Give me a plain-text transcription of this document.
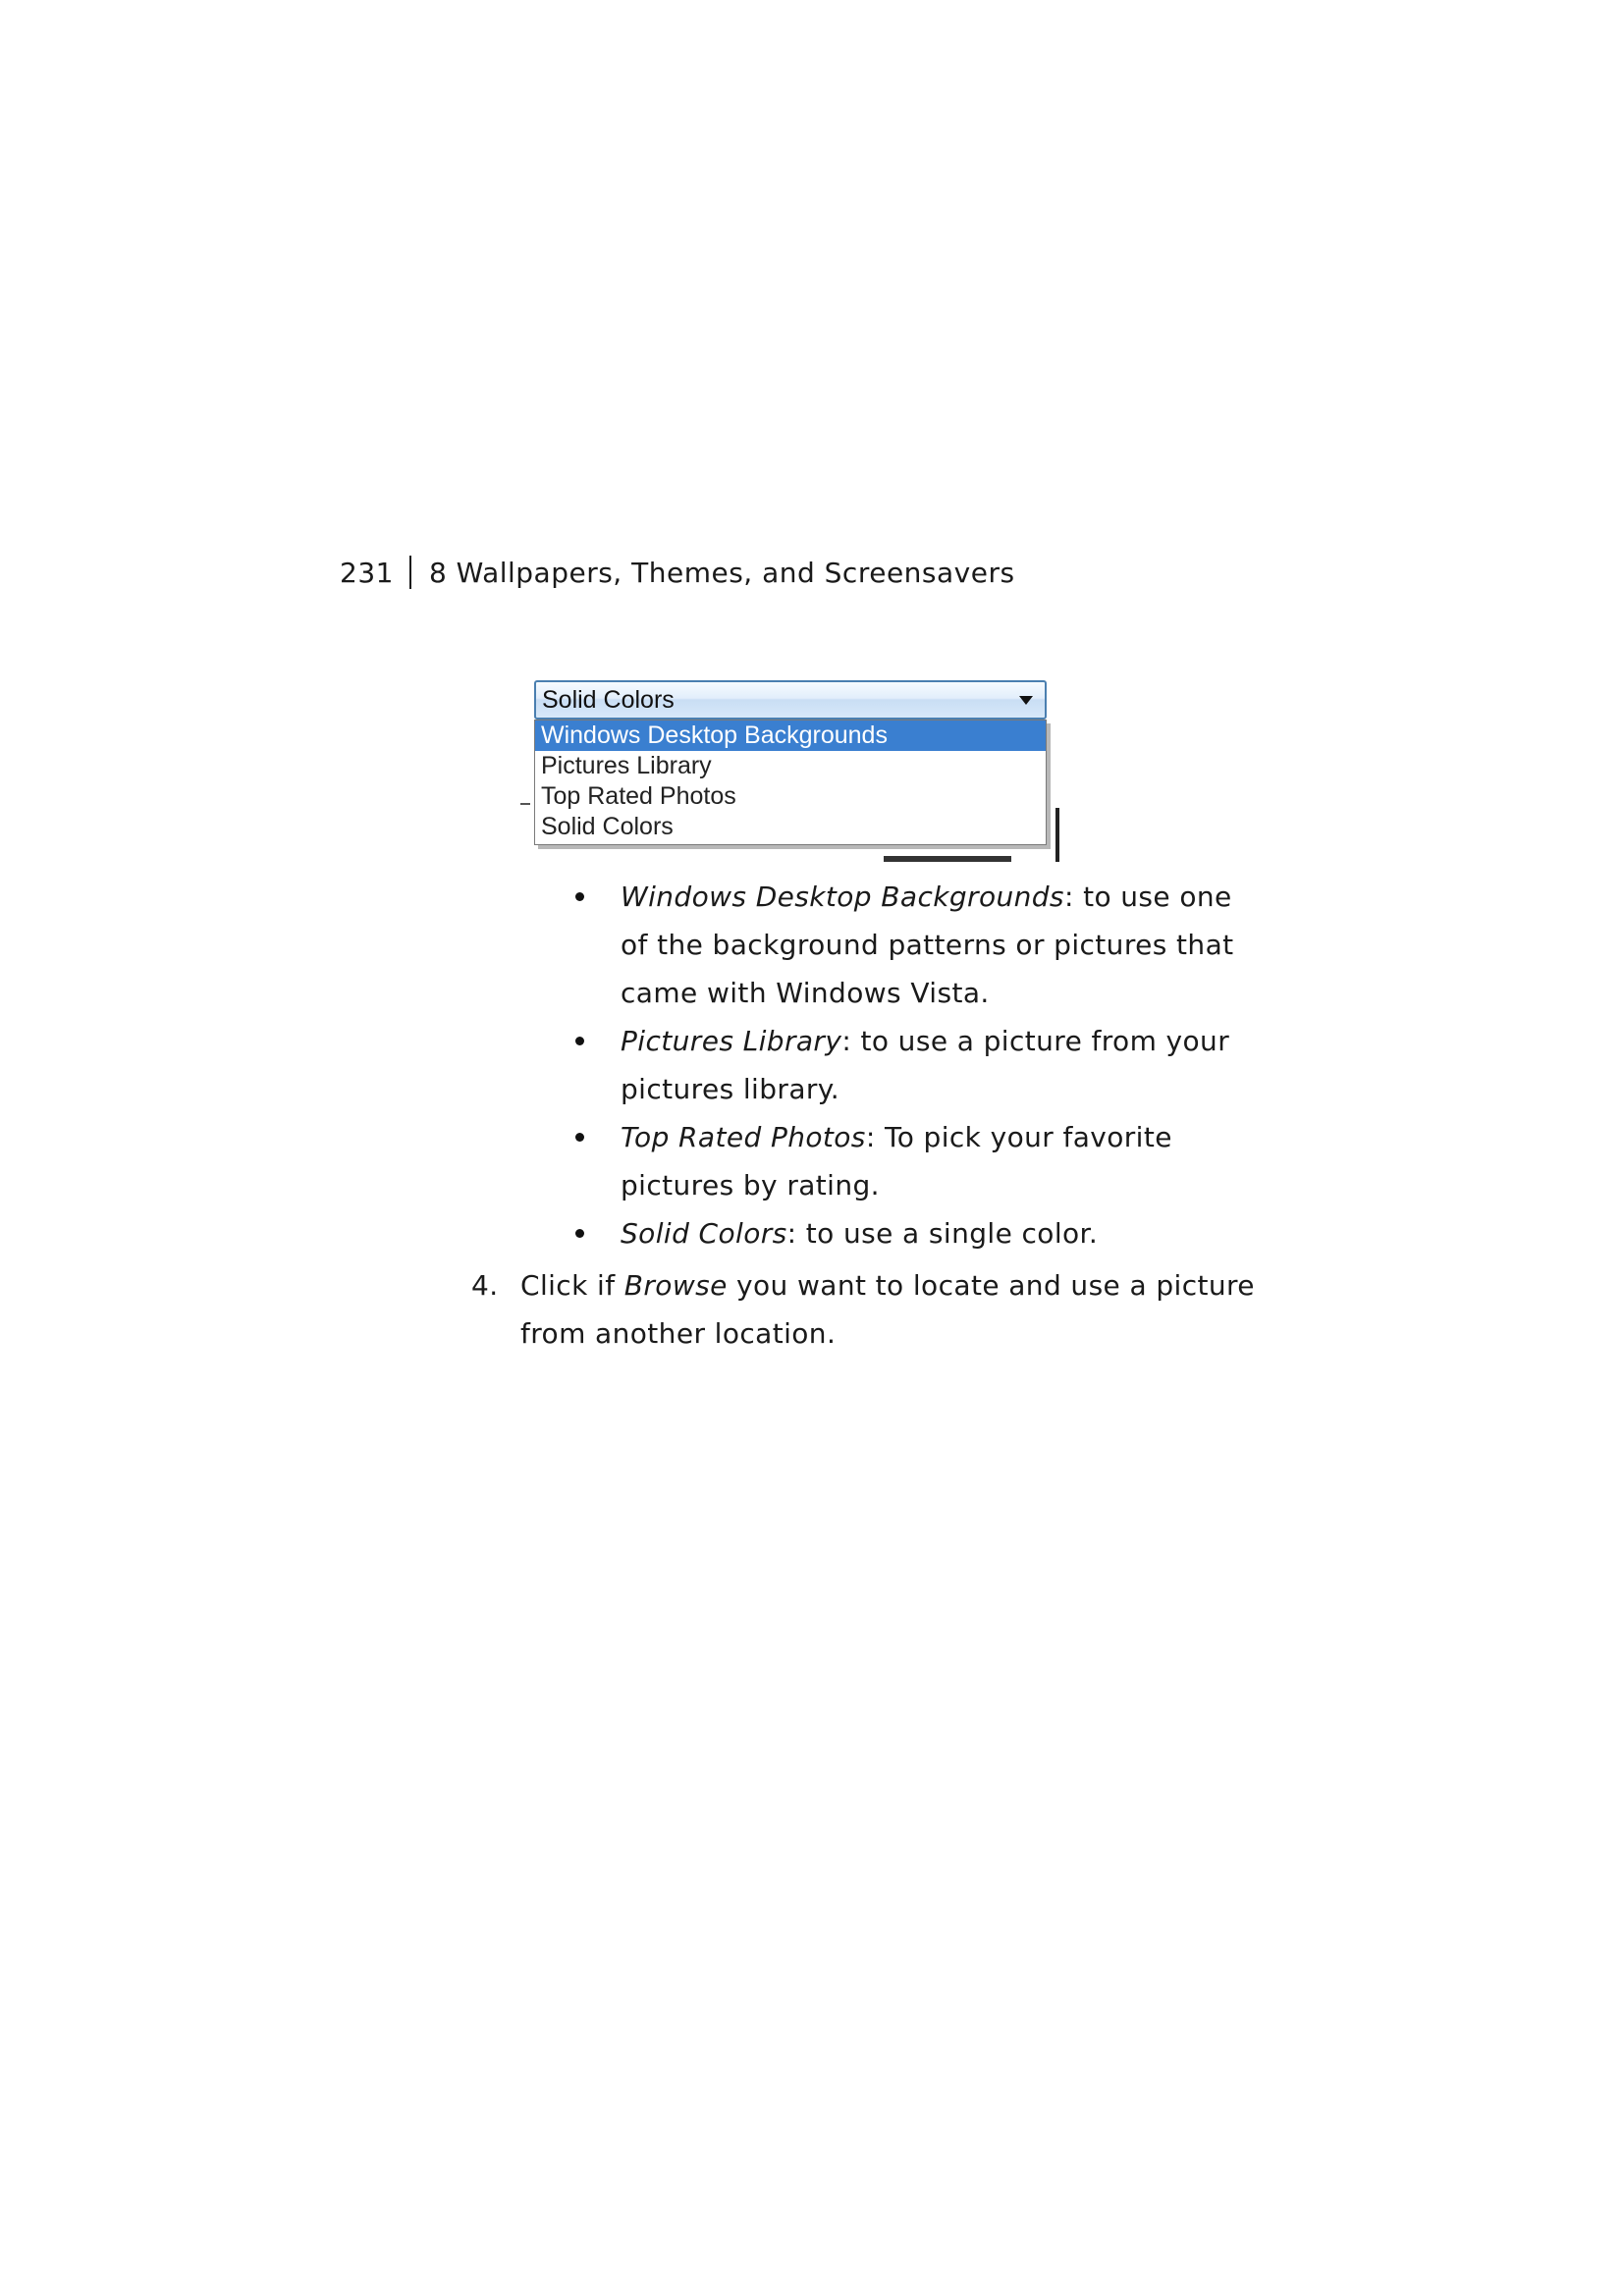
231 8 Wallpapers, Themes, and Screensavers
Solid Colors
Windows Desktop Backgrounds
Pictures Library
Top Rated Photos
Solid Colors
Windows Desktop Backgrounds: to use one of the background patterns or pictures that came with Windows Vista.
Pictures Library: to use a picture from your pictures library.
Top Rated Photos: To pick your favorite pictures by rating.
Solid Colors: to use a single color.
4. Click if Browse you want to locate and use a picture from another location.
